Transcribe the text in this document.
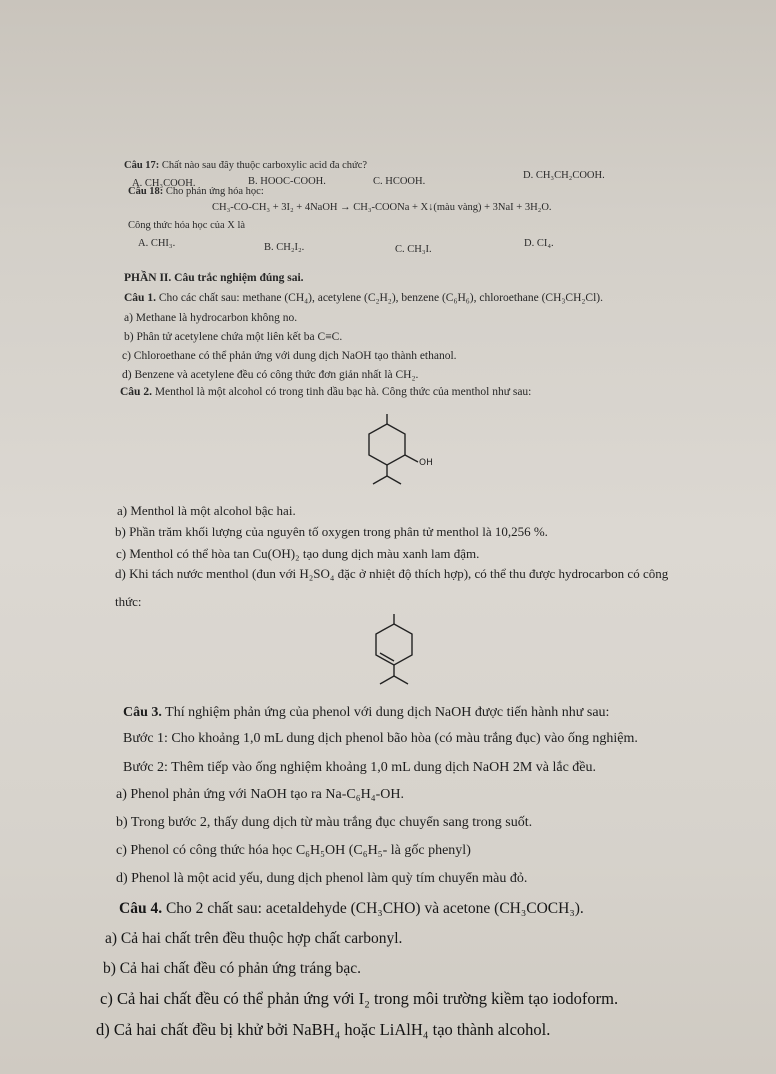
Câu 17: Chất nào sau đây thuộc carboxylic acid đa chức?
A. CH₃COOH.	B. HOOC-COOH.	C. HCOOH.
D. CH₃CH₂COOH.
Câu 18: Cho phản ứng hóa học:
CH₃-CO-CH₃ + 3I₂ + 4NaOH → CH₃-COONa + X↓(màu vàng) + 3NaI + 3H₂O.
Công thức hóa học của X là
A. CHI₃.	B. CH₂I₂.	C. CH₃I.
D. CI₄.
PHẦN II. Câu trắc nghiệm đúng sai.
Câu 1. Cho các chất sau: methane (CH₄), acetylene (C₂H₂), benzene (C₆H₆), chloroethane (CH₃CH₂Cl).
a) Methane là hydrocarbon không no.
b) Phân tử acetylene chứa một liên kết ba C≡C.
c) Chloroethane có thể phản ứng với dung dịch NaOH tạo thành ethanol.
d) Benzene và acetylene đều có công thức đơn giản nhất là CH₂.
Câu 2. Menthol là một alcohol có trong tinh dầu bạc hà. Công thức của menthol như sau:
OH
a) Menthol là một alcohol bậc hai.
b) Phần trăm khối lượng của nguyên tố oxygen trong phân tử menthol là 10,256 %.
c) Menthol có thể hòa tan Cu(OH)₂ tạo dung dịch màu xanh lam đậm.
d) Khi tách nước menthol (đun với H₂SO₄ đặc ở nhiệt độ thích hợp), có thể thu được hydrocarbon có công
thức:
Câu 3. Thí nghiệm phản ứng của phenol với dung dịch NaOH được tiến hành như sau:
Bước 1: Cho khoảng 1,0 mL dung dịch phenol bão hòa (có màu trắng đục) vào ống nghiệm.
Bước 2: Thêm tiếp vào ống nghiệm khoảng 1,0 mL dung dịch NaOH 2M và lắc đều.
a) Phenol phản ứng với NaOH tạo ra Na-C₆H₄-OH.
b) Trong bước 2, thấy dung dịch từ màu trắng đục chuyển sang trong suốt.
c) Phenol có công thức hóa học C₆H₅OH (C₆H₅- là gốc phenyl)
d) Phenol là một acid yếu, dung dịch phenol làm quỳ tím chuyển màu đỏ.
Câu 4. Cho 2 chất sau: acetaldehyde (CH₃CHO) và acetone (CH₃COCH₃).
a) Cả hai chất trên đều thuộc hợp chất carbonyl.
b) Cả hai chất đều có phản ứng tráng bạc.
c) Cả hai chất đều có thể phản ứng với I₂ trong môi trường kiềm tạo iodoform.
d) Cả hai chất đều bị khử bởi NaBH₄ hoặc LiAlH₄ tạo thành alcohol.
